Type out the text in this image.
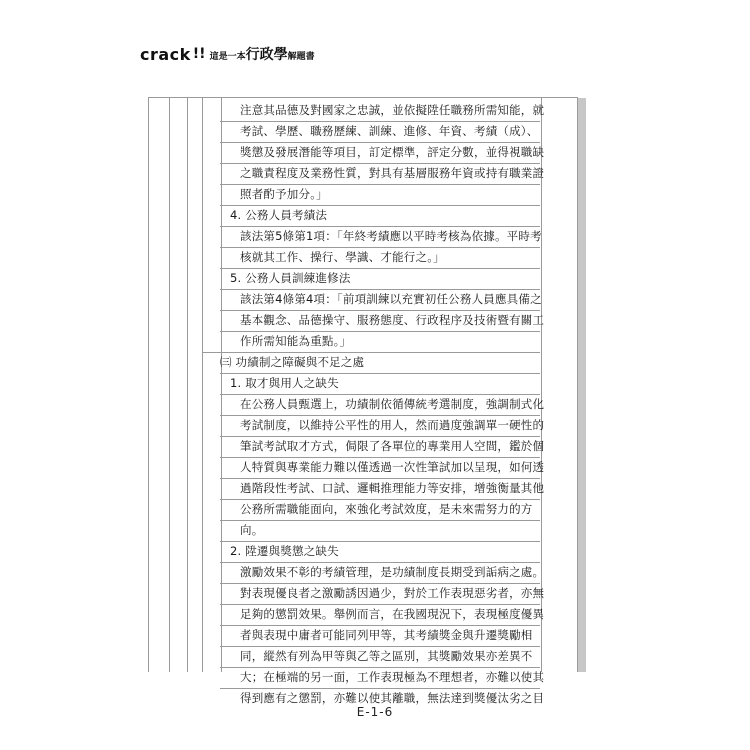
crack !! 這是一本行政學解題書
注意其品德及對國家之忠誠，並依擬陞任職務所需知能，就
考試、學歷、職務歷練、訓練、進修、年資、考績（成）、
獎懲及發展潛能等項目，訂定標準，評定分數，並得視職缺
之職責程度及業務性質，對具有基層服務年資或持有職業證
照者酌予加分。」
4. 公務人員考績法
該法第5條第1項：「年終考績應以平時考核為依據。平時考
核就其工作、操行、學識、才能行之。」
5. 公務人員訓練進修法
該法第4條第4項：「前項訓練以充實初任公務人員應具備之
基本觀念、品德操守、服務態度、行政程序及技術暨有關工
作所需知能為重點。」
㈢ 功績制之障礙與不足之處
1. 取才與用人之缺失
在公務人員甄選上，功績制依循傳統考選制度，強調制式化
考試制度，以維持公平性的用人，然而過度強調單一硬性的
筆試考試取才方式，侷限了各單位的專業用人空間，鑑於個
人特質與專業能力難以僅透過一次性筆試加以呈現，如何透
過階段性考試、口試、邏輯推理能力等安排，增強衡量其他
公務所需職能面向，來強化考試效度，是未來需努力的方
向。
2. 陞遷與獎懲之缺失
激勵效果不彰的考績管理，是功績制度長期受到詬病之處。
對表現優良者之激勵誘因過少，對於工作表現惡劣者，亦無
足夠的懲罰效果。舉例而言，在我國現況下，表現極度優異
者與表現中庸者可能同列甲等，其考績獎金與升遷獎勵相
同，縱然有列為甲等與乙等之區別，其獎勵效果亦差異不
大；在極端的另一面，工作表現極為不理想者，亦難以使其
得到應有之懲罰，亦難以使其離職，無法達到獎優汰劣之目
E-1-6
